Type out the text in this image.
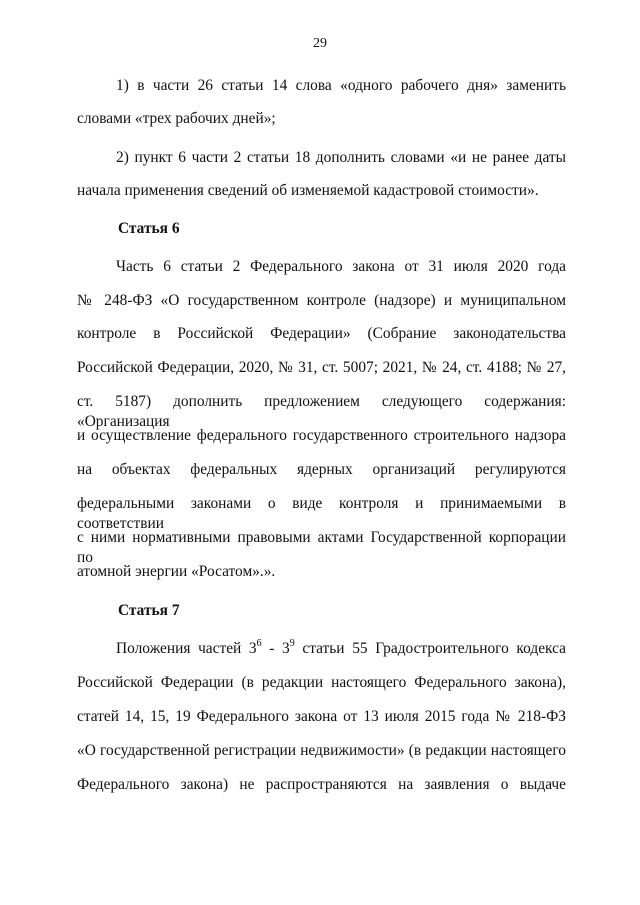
29
1) в части 26 статьи 14 слова «одного рабочего дня» заменить
словами «трех рабочих дней»;
2) пункт 6 части 2 статьи 18 дополнить словами «и не ранее даты
начала применения сведений об изменяемой кадастровой стоимости».
Статья 6
Часть 6 статьи 2 Федерального закона от 31 июля 2020 года
№ 248-ФЗ «О государственном контроле (надзоре) и муниципальном
контроле в Российской Федерации» (Собрание законодательства
Российской Федерации, 2020, № 31, ст. 5007; 2021, № 24, ст. 4188; № 27,
ст. 5187) дополнить предложением следующего содержания: «Организация
и осуществление федерального государственного строительного надзора
на объектах федеральных ядерных организаций регулируются
федеральными законами о виде контроля и принимаемыми в соответствии
с ними нормативными правовыми актами Государственной корпорации по
атомной энергии «Росатом».».
Статья 7
Положения частей $3^6 - 3^9$ статьи 55 Градостроительного кодекса
Российской Федерации (в редакции настоящего Федерального закона),
статей 14, 15, 19 Федерального закона от 13 июля 2015 года № 218-ФЗ
«О государственной регистрации недвижимости» (в редакции настоящего
Федерального закона) не распространяются на заявления о выдаче
